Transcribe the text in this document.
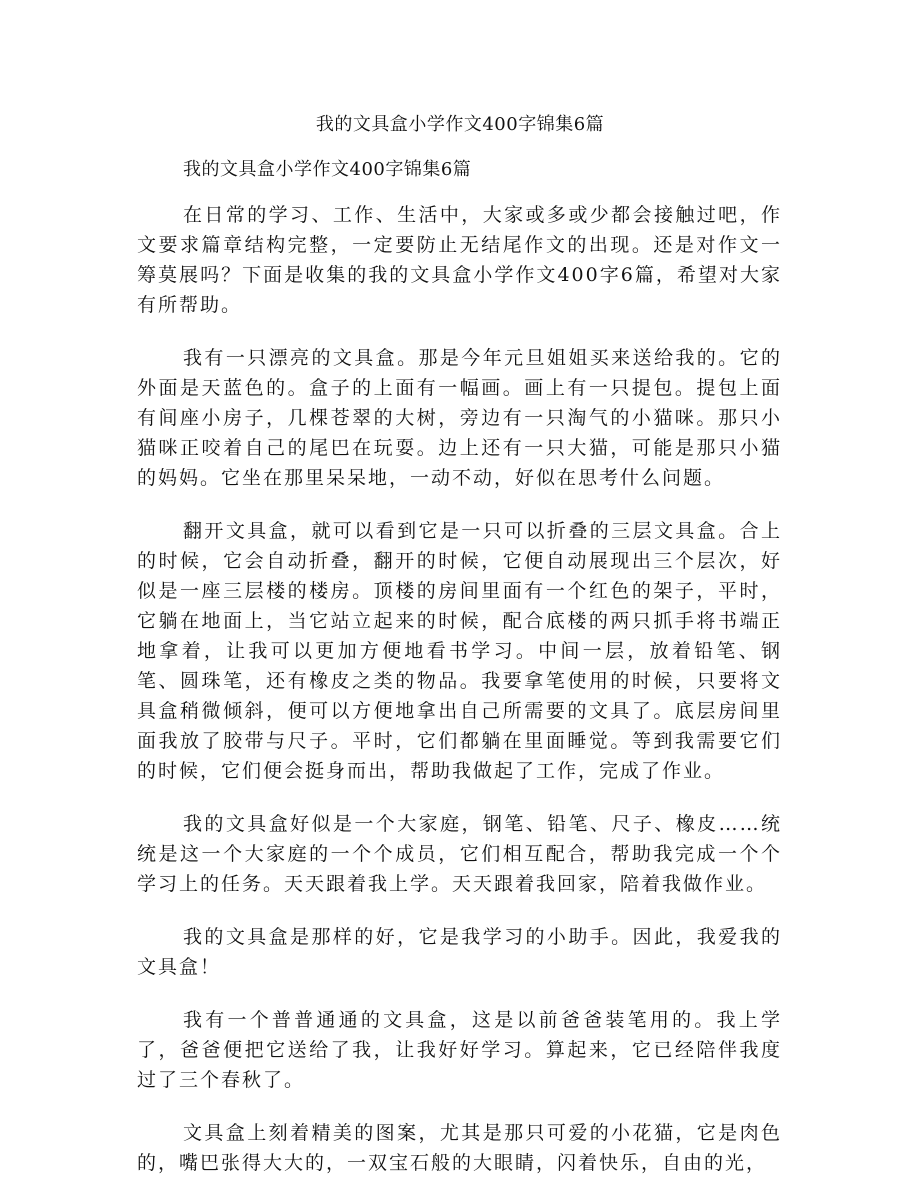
我的文具盒小学作文400字锦集6篇
我的文具盒小学作文400字锦集6篇

在日常的学习、工作、生活中，大家或多或少都会接触过吧，作文要求篇章结构完整，一定要防止无结尾作文的出现。还是对作文一筹莫展吗？下面是收集的我的文具盒小学作文400字6篇，希望对大家有所帮助。

我有一只漂亮的文具盒。那是今年元旦姐姐买来送给我的。它的外面是天蓝色的。盒子的上面有一幅画。画上有一只提包。提包上面有间座小房子，几棵苍翠的大树，旁边有一只淘气的小猫咪。那只小猫咪正咬着自己的尾巴在玩耍。边上还有一只大猫，可能是那只小猫的妈妈。它坐在那里呆呆地，一动不动，好似在思考什么问题。

翻开文具盒，就可以看到它是一只可以折叠的三层文具盒。合上的时候，它会自动折叠，翻开的时候，它便自动展现出三个层次，好似是一座三层楼的楼房。顶楼的房间里面有一个红色的架子，平时，它躺在地面上，当它站立起来的时候，配合底楼的两只抓手将书端正地拿着，让我可以更加方便地看书学习。中间一层，放着铅笔、钢笔、圆珠笔，还有橡皮之类的物品。我要拿笔使用的时候，只要将文具盒稍微倾斜，便可以方便地拿出自己所需要的文具了。底层房间里面我放了胶带与尺子。平时，它们都躺在里面睡觉。等到我需要它们的时候，它们便会挺身而出，帮助我做起了工作，完成了作业。

我的文具盒好似是一个大家庭，钢笔、铅笔、尺子、橡皮……统统是这一个大家庭的一个个成员，它们相互配合，帮助我完成一个个学习上的任务。天天跟着我上学。天天跟着我回家，陪着我做作业。

我的文具盒是那样的好，它是我学习的小助手。因此，我爱我的文具盒！

我有一个普普通通的文具盒，这是以前爸爸装笔用的。我上学了，爸爸便把它送给了我，让我好好学习。算起来，它已经陪伴我度过了三个春秋了。

文具盒上刻着精美的图案，尤其是那只可爱的小花猫，它是肉色的，嘴巴张得大大的，一双宝石般的大眼睛，闪着快乐，自由的光，
